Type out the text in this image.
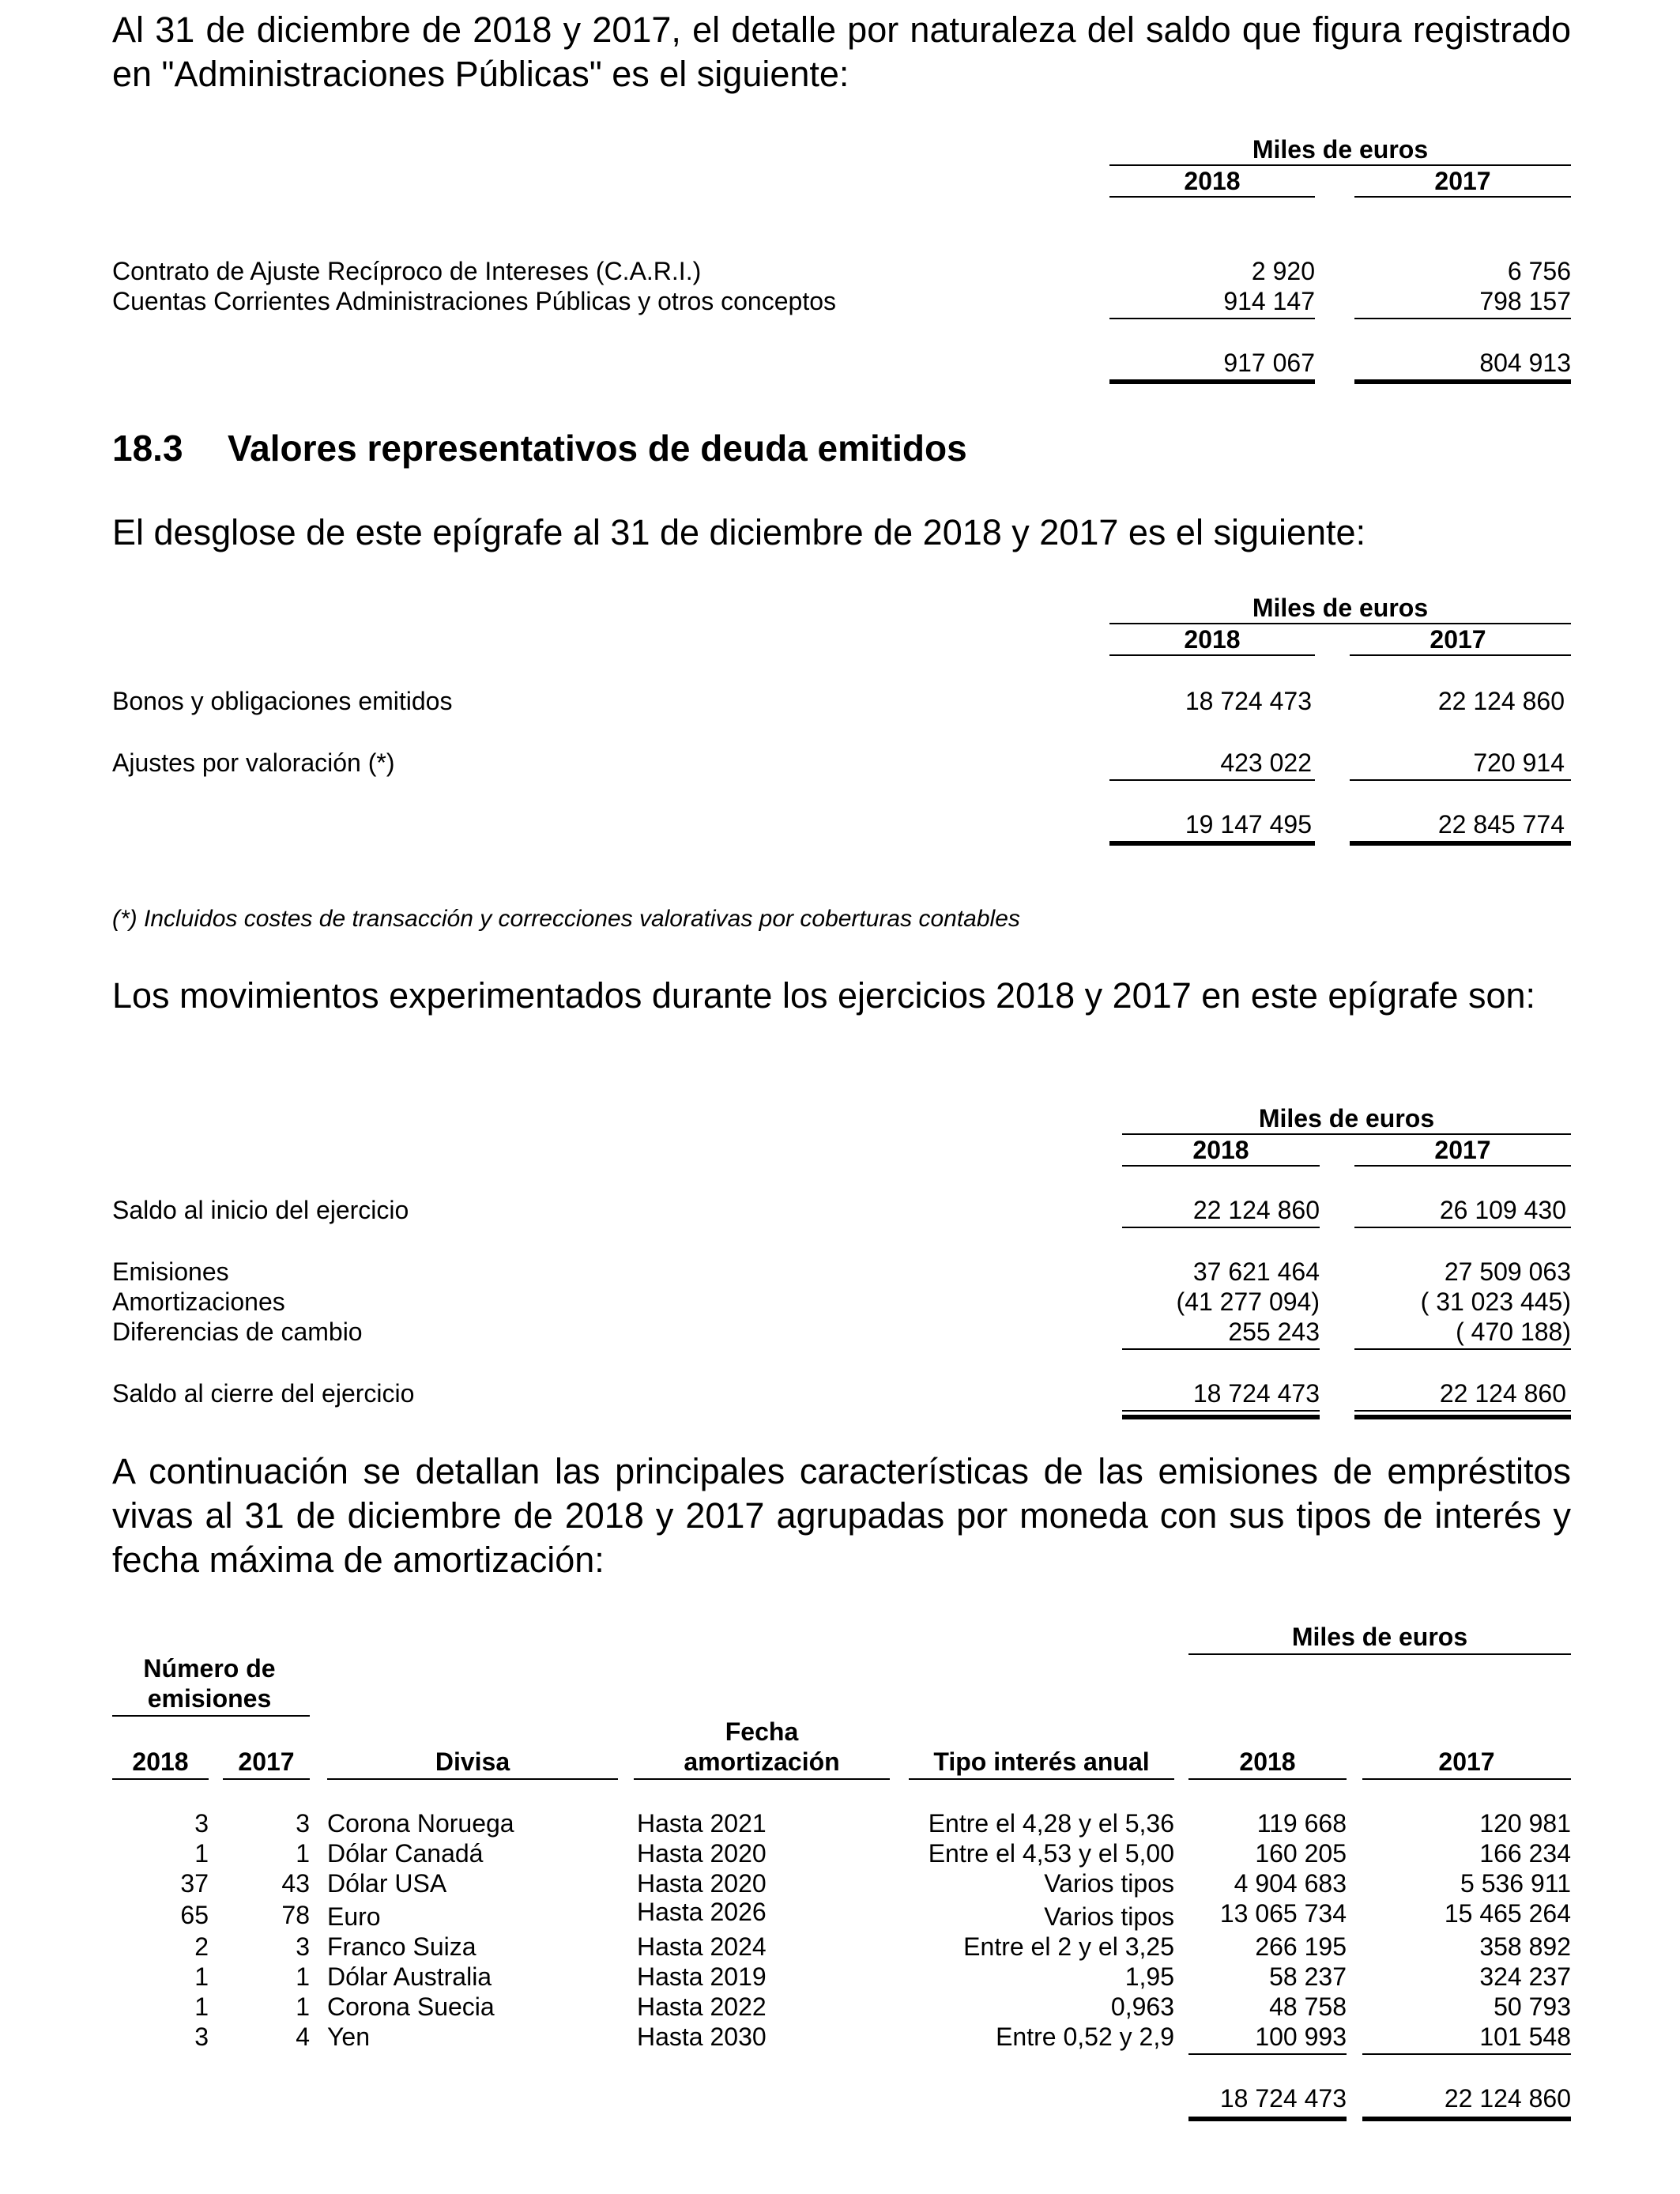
Al 31 de diciembre de 2018 y 2017, el detalle por naturaleza del saldo que figura registrado en "Administraciones Públicas" es el siguiente:

Miles de euros
2018	2017
Contrato de Ajuste Recíproco de Intereses (C.A.R.I.)	2 920	6 756
Cuentas Corrientes Administraciones Públicas y otros conceptos	914 147	798 157
917 067	804 913
18.3 Valores representativos de deuda emitidos

El desglose de este epígrafe al 31 de diciembre de 2018 y 2017 es el siguiente:

Miles de euros
2018	2017
Bonos y obligaciones emitidos	18 724 473	22 124 860
Ajustes por valoración (*)	423 022	720 914
19 147 495	22 845 774
(*) Incluidos costes de transacción y correcciones valorativas por coberturas contables

Los movimientos experimentados durante los ejercicios 2018 y 2017 en este epígrafe son:

Miles de euros
2018	2017
Saldo al inicio del ejercicio	22 124 860	26 109 430
Emisiones	37 621 464	27 509 063
Amortizaciones	(41 277 094)	( 31 023 445)
Diferencias de cambio	255 243	( 470 188)
Saldo al cierre del ejercicio	18 724 473	22 124 860

A continuación se detallan las principales características de las emisiones de empréstitos vivas al 31 de diciembre de 2018 y 2017 agrupadas por moneda con sus tipos de interés y fecha máxima de amortización:

Miles de euros
Número de
emisiones
Fecha
2018	2017	Divisa	amortización	Tipo interés anual	2018	2017
3	3 Corona Noruega	Hasta 2021	Entre el 4,28 y el 5,36	119 668	120 981
1	1 Dólar Canadá	Hasta 2020	Entre el 4,53 y el 5,00	160 205	166 234
37	43 Dólar USA	Hasta 2020	Varios tipos	4 904 683	5 536 911
65	78 Euro	Hasta 2026	Varios tipos	13 065 734	15 465 264
2	3 Franco Suiza	Hasta 2024	Entre el 2 y el 3,25	266 195	358 892
1	1 Dólar Australia	Hasta 2019	1,95	58 237	324 237
1	1 Corona Suecia	Hasta 2022	0,963	48 758	50 793
3	4 Yen	Hasta 2030	Entre 0,52 y 2,9	100 993	101 548
18 724 473	22 124 860
